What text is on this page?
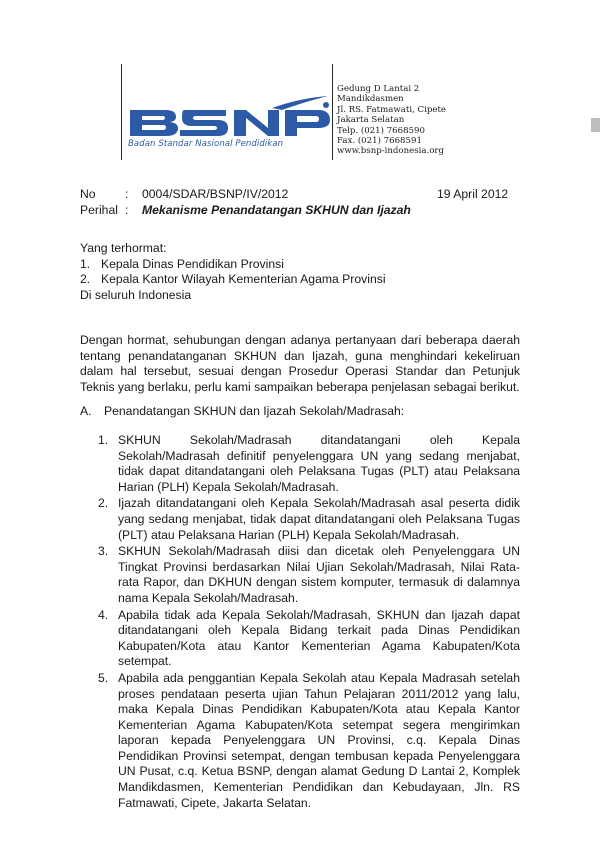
Badan Standar Nasional Pendidikan
Gedung D Lantai 2
Mandikdasmen
Jl. RS. Fatmawati, Cipete
Jakarta Selatan
Telp. (021) 7668590
Fax. (021) 7668591
www.bsnp-indonesia.org
No : 0004/SDAR/BSNP/IV/2012	19 April 2012
Perihal : Mekanisme Penandatangan SKHUN dan Ijazah
Yang terhormat:
1. Kepala Dinas Pendidikan Provinsi
2. Kepala Kantor Wilayah Kementerian Agama Provinsi
Di seluruh Indonesia
Dengan hormat, sehubungan dengan adanya pertanyaan dari beberapa daerah tentang penandatanganan SKHUN dan Ijazah, guna menghindari kekeliruan dalam hal tersebut, sesuai dengan Prosedur Operasi Standar dan Petunjuk Teknis yang berlaku, perlu kami sampaikan beberapa penjelasan sebagai berikut.
A. Penandatangan SKHUN dan Ijazah Sekolah/Madrasah:
1. SKHUN Sekolah/Madrasah ditandatangani oleh Kepala Sekolah/Madrasah definitif penyelenggara UN yang sedang menjabat, tidak dapat ditandatangani oleh Pelaksana Tugas (PLT) atau Pelaksana Harian (PLH) Kepala Sekolah/Madrasah.
2. Ijazah ditandatangani oleh Kepala Sekolah/Madrasah asal peserta didik yang sedang menjabat, tidak dapat ditandatangani oleh Pelaksana Tugas (PLT) atau Pelaksana Harian (PLH) Kepala Sekolah/Madrasah.
3. SKHUN Sekolah/Madrasah diisi dan dicetak oleh Penyelenggara UN Tingkat Provinsi berdasarkan Nilai Ujian Sekolah/Madrasah, Nilai Rata-rata Rapor, dan DKHUN dengan sistem komputer, termasuk di dalamnya nama Kepala Sekolah/Madrasah.
4. Apabila tidak ada Kepala Sekolah/Madrasah, SKHUN dan Ijazah dapat ditandatangani oleh Kepala Bidang terkait pada Dinas Pendidikan Kabupaten/Kota atau Kantor Kementerian Agama Kabupaten/Kota setempat.
5. Apabila ada penggantian Kepala Sekolah atau Kepala Madrasah setelah proses pendataan peserta ujian Tahun Pelajaran 2011/2012 yang lalu, maka Kepala Dinas Pendidikan Kabupaten/Kota atau Kepala Kantor Kementerian Agama Kabupaten/Kota setempat segera mengirimkan laporan kepada Penyelenggara UN Provinsi, c.q. Kepala Dinas Pendidikan Provinsi setempat, dengan tembusan kepada Penyelenggara UN Pusat, c.q. Ketua BSNP, dengan alamat Gedung D Lantai 2, Komplek Mandikdasmen, Kementerian Pendidikan dan Kebudayaan, Jln. RS Fatmawati, Cipete, Jakarta Selatan.
